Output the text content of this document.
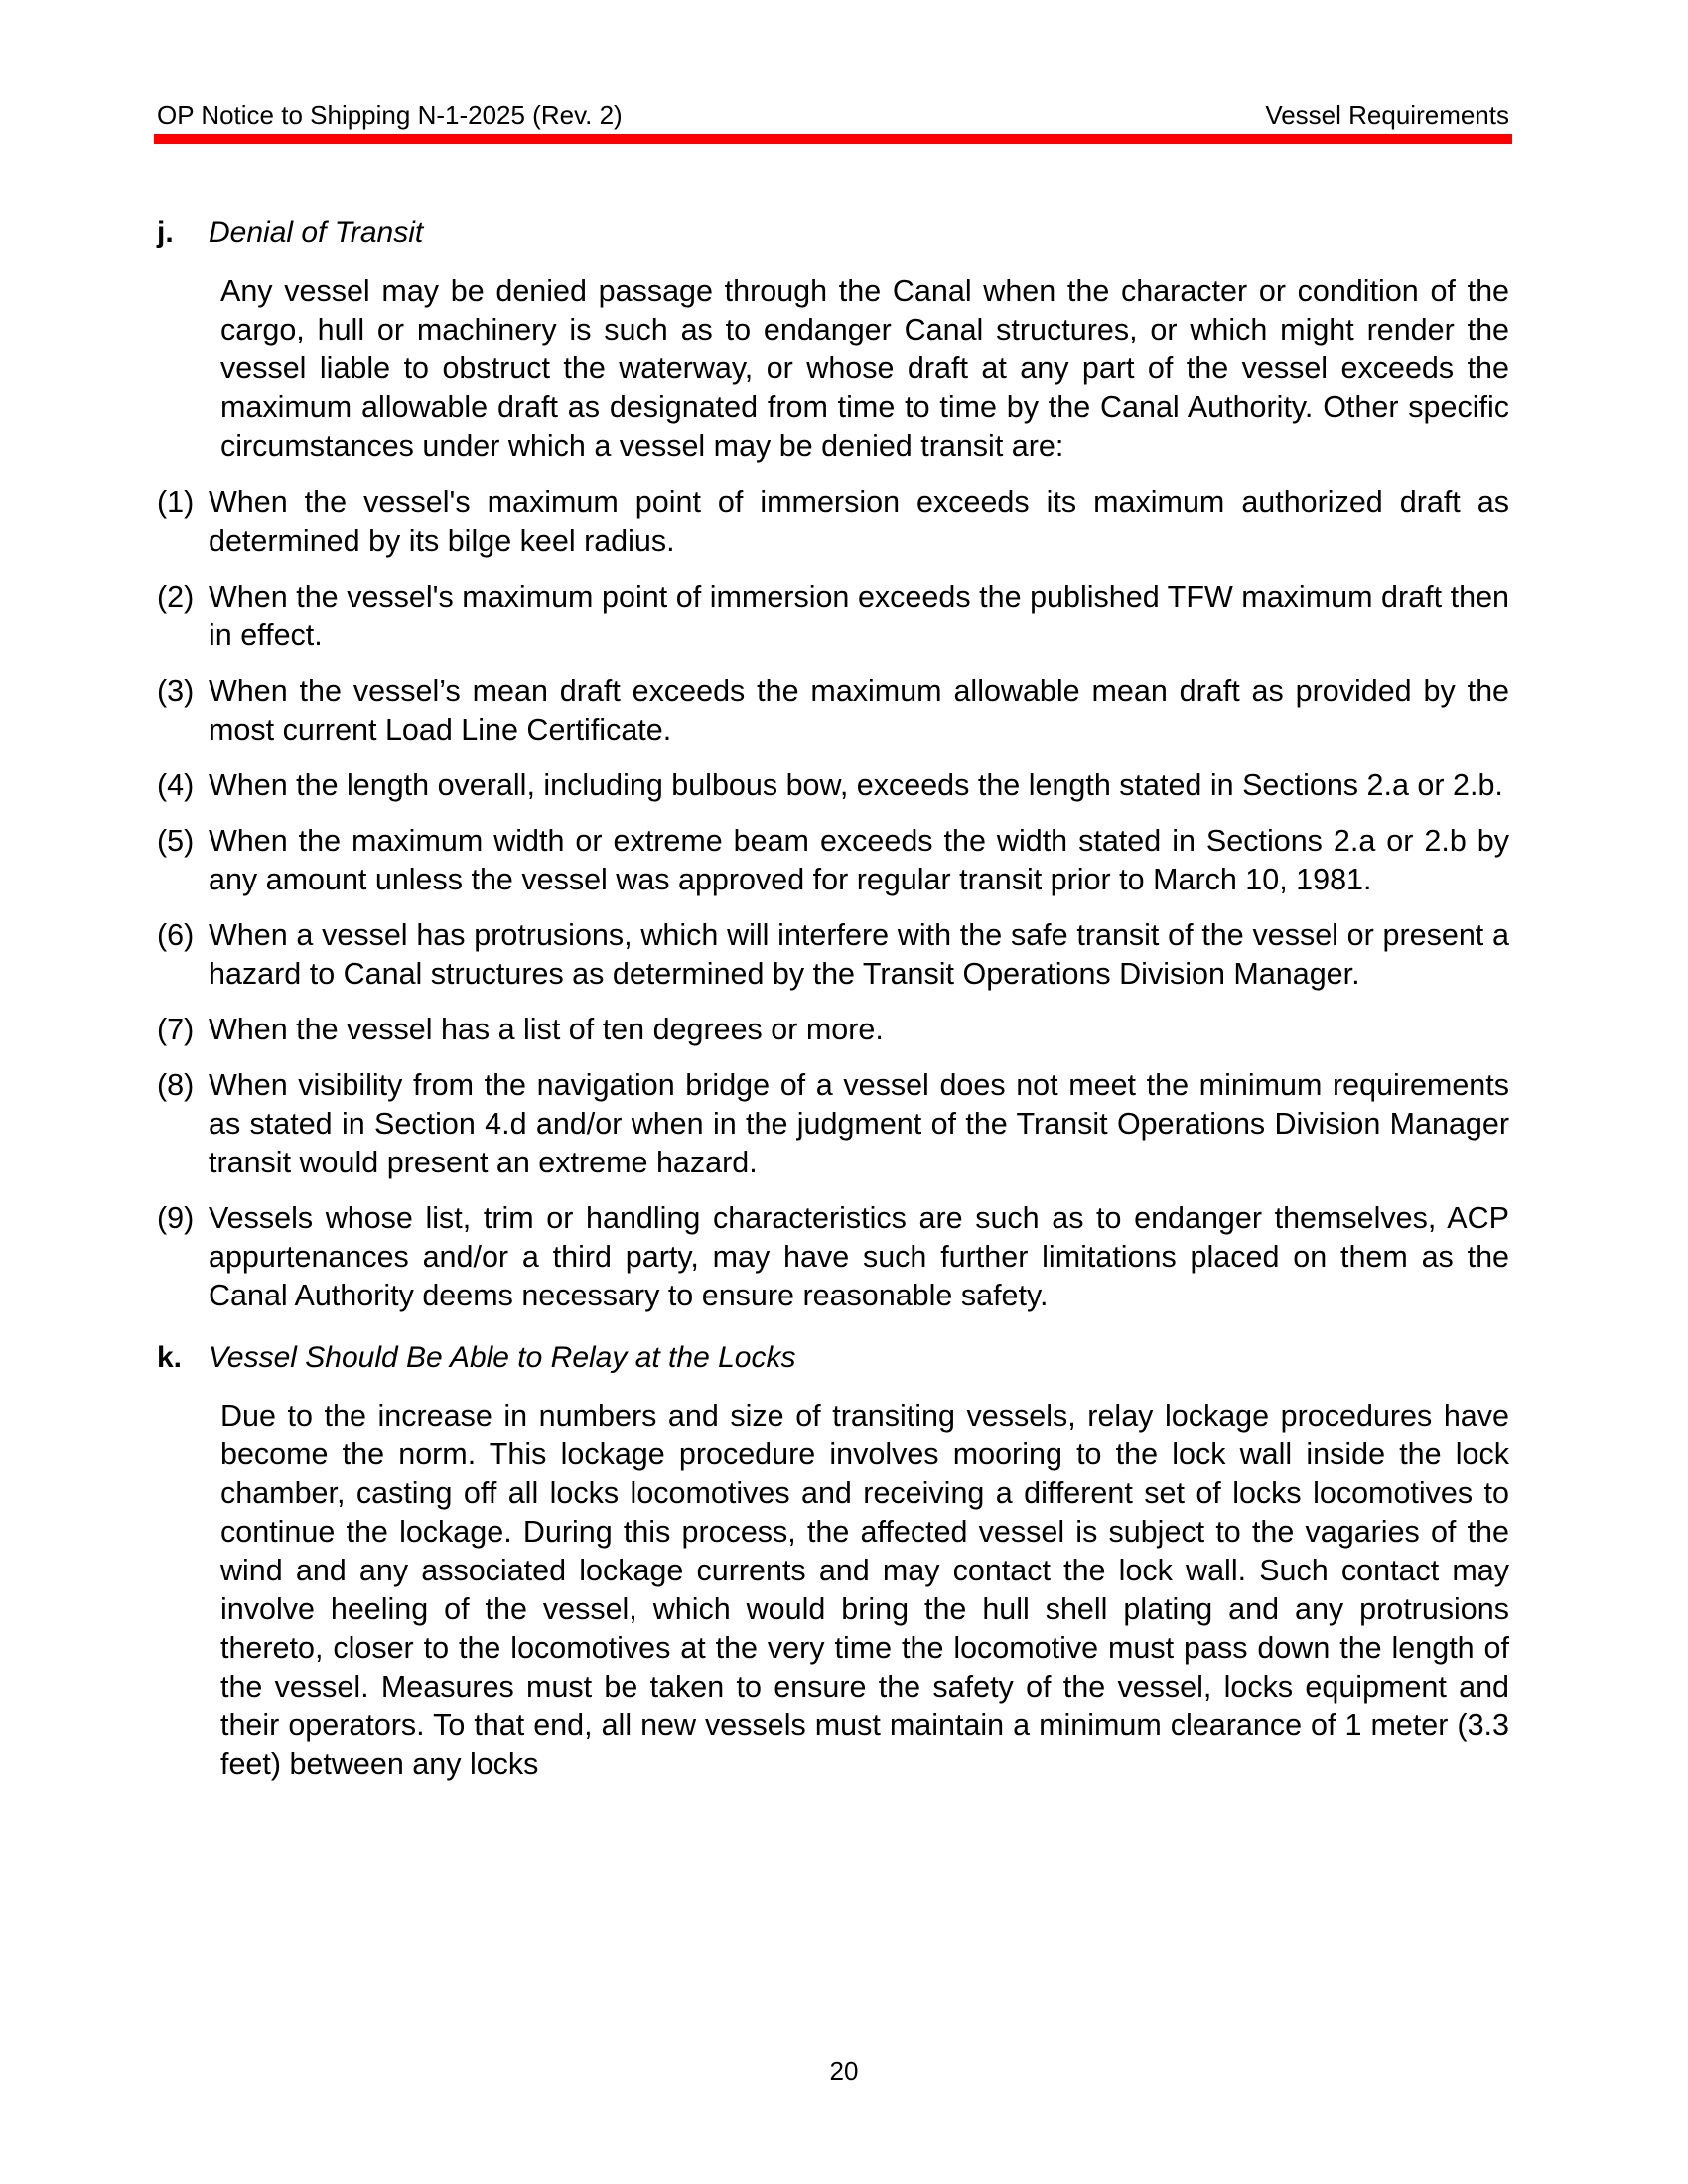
OP Notice to Shipping N-1-2025 (Rev. 2)	Vessel Requirements
j. Denial of Transit

Any vessel may be denied passage through the Canal when the character or condition of the cargo, hull or machinery is such as to endanger Canal structures, or which might render the vessel liable to obstruct the waterway, or whose draft at any part of the vessel exceeds the maximum allowable draft as designated from time to time by the Canal Authority. Other specific circumstances under which a vessel may be denied transit are:

(1) When the vessel's maximum point of immersion exceeds its maximum authorized draft as determined by its bilge keel radius.
(2) When the vessel's maximum point of immersion exceeds the published TFW maximum draft then in effect.
(3) When the vessel’s mean draft exceeds the maximum allowable mean draft as provided by the most current Load Line Certificate.
(4) When the length overall, including bulbous bow, exceeds the length stated in Sections 2.a or 2.b.
(5) When the maximum width or extreme beam exceeds the width stated in Sections 2.a or 2.b by any amount unless the vessel was approved for regular transit prior to March 10, 1981.
(6) When a vessel has protrusions, which will interfere with the safe transit of the vessel or present a hazard to Canal structures as determined by the Transit Operations Division Manager.
(7) When the vessel has a list of ten degrees or more.
(8) When visibility from the navigation bridge of a vessel does not meet the minimum requirements as stated in Section 4.d and/or when in the judgment of the Transit Operations Division Manager transit would present an extreme hazard.
(9) Vessels whose list, trim or handling characteristics are such as to endanger themselves, ACP appurtenances and/or a third party, may have such further limitations placed on them as the Canal Authority deems necessary to ensure reasonable safety.
k. Vessel Should Be Able to Relay at the Locks

Due to the increase in numbers and size of transiting vessels, relay lockage procedures have become the norm. This lockage procedure involves mooring to the lock wall inside the lock chamber, casting off all locks locomotives and receiving a different set of locks locomotives to continue the lockage. During this process, the affected vessel is subject to the vagaries of the wind and any associated lockage currents and may contact the lock wall. Such contact may involve heeling of the vessel, which would bring the hull shell plating and any protrusions thereto, closer to the locomotives at the very time the locomotive must pass down the length of the vessel. Measures must be taken to ensure the safety of the vessel, locks equipment and their operators. To that end, all new vessels must maintain a minimum clearance of 1 meter (3.3 feet) between any locks

20
